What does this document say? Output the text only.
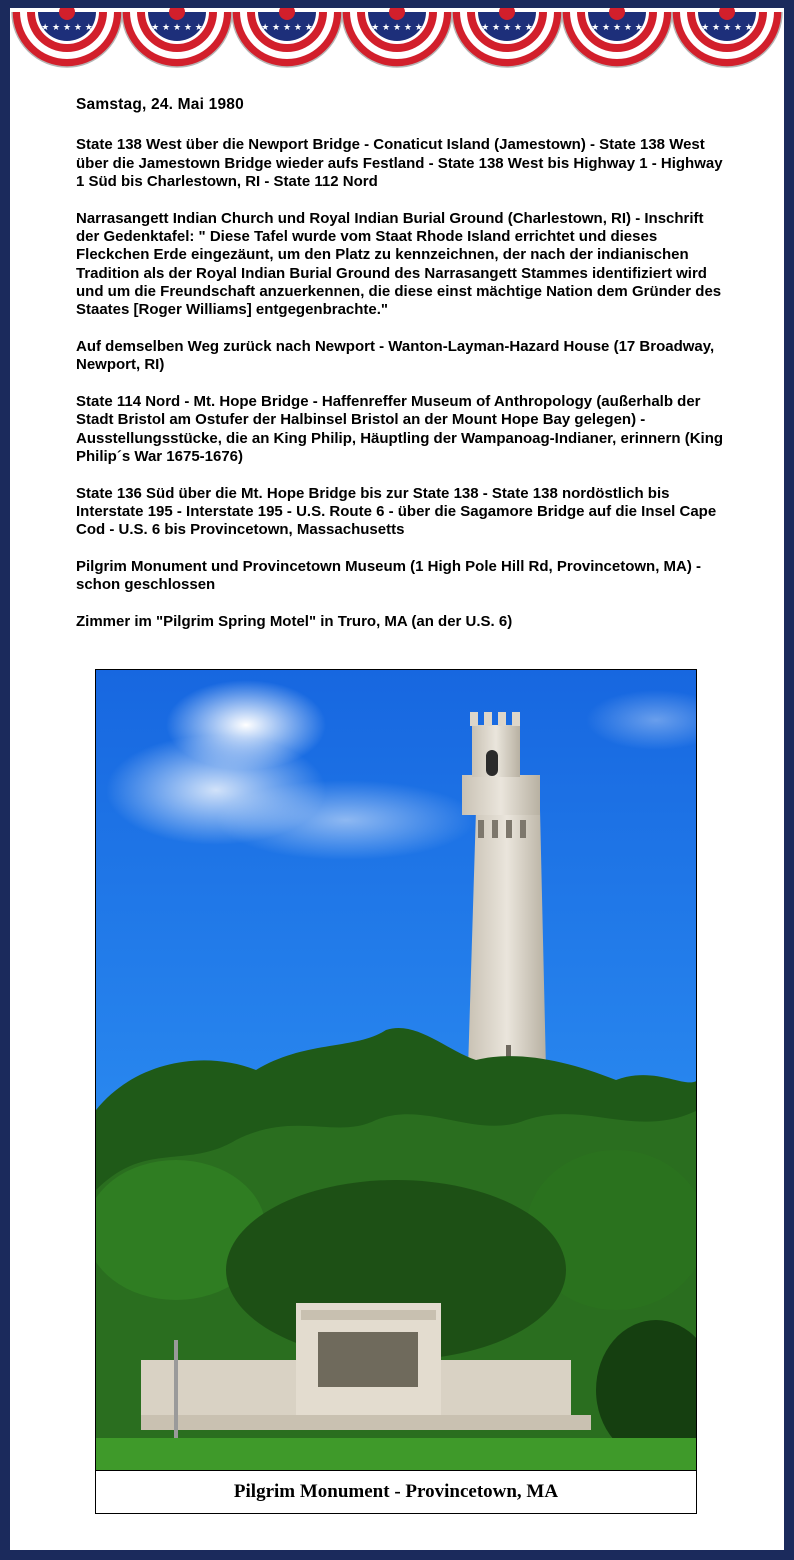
Samstag, 24. Mai 1980

State 138 West über die Newport Bridge - Conaticut Island (Jamestown) - State 138 West über die Jamestown Bridge wieder aufs Festland - State 138 West bis Highway 1 - Highway 1 Süd bis Charlestown, RI - State 112 Nord

Narrasangett Indian Church und Royal Indian Burial Ground (Charlestown, RI) - Inschrift der Gedenktafel: " Diese Tafel wurde vom Staat Rhode Island errichtet und dieses Fleckchen Erde eingezäunt, um den Platz zu kennzeichnen, der nach der indianischen Tradition als der Royal Indian Burial Ground des Narrasangett Stammes identifiziert wird und um die Freundschaft anzuerkennen, die diese einst mächtige Nation dem Gründer des Staates [Roger Williams] entgegenbrachte."

Auf demselben Weg zurück nach Newport - Wanton-Layman-Hazard House (17 Broadway, Newport, RI)

State 114 Nord - Mt. Hope Bridge - Haffenreffer Museum of Anthropology (außerhalb der Stadt Bristol am Ostufer der Halbinsel Bristol an der Mount Hope Bay gelegen) - Ausstellungsstücke, die an King Philip, Häuptling der Wampanoag-Indianer, erinnern (King Philip´s War 1675-1676)

State 136 Süd über die Mt. Hope Bridge bis zur State 138 - State 138 nordöstlich bis Interstate 195 - Interstate 195 - U.S. Route 6 - über die Sagamore Bridge auf die Insel Cape Cod - U.S. 6 bis Provincetown, Massachusetts

Pilgrim Monument und Provincetown Museum (1 High Pole Hill Rd, Provincetown, MA) - schon geschlossen

Zimmer im "Pilgrim Spring Motel" in Truro, MA (an der U.S. 6)

Pilgrim Monument - Provincetown, MA
